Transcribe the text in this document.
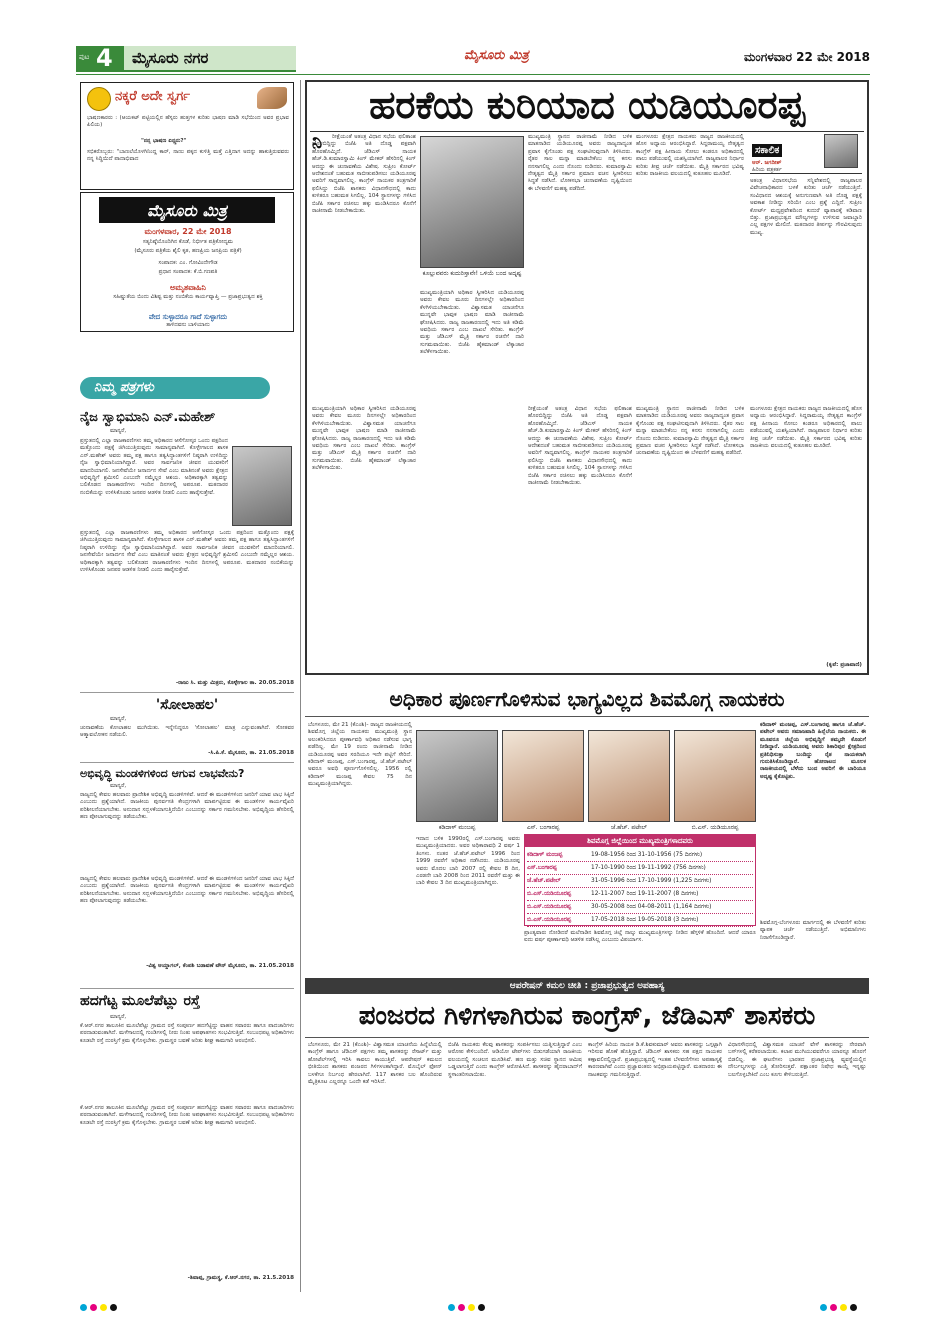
ಪುಟ 4 ಮೈಸೂರು ನಗರ	ಮೈಸೂರು ಮಿತ್ರ	ಮಂಗಳವಾರ 22 ಮೇ 2018
ನಕ್ಕರೆ ಅದೇ ಸ್ವರ್ಗ
ಭಾಷಣಕಾರರು : (ಆಯಕಟ್ ಪಟ್ಟಿಯಲ್ಲಿನ ಹೆಸ್ಸರು ಹುತ್ತಗಳ ಕುರಿತು ಭಾಷಣ ಮಾಡಿ ಸಭೆಯಿಂದ ಅವರ ಪ್ರಭಾವ ಪಿಲಿಯ)
"ನನ್ನ ಭಾಷಣ ಏನ್ಸ್ಸರು?"
ಸಭಿಕರೊಬ್ಬರು: "ಬಾಣಲೆಯೊಳಗಿನಿಂದ್ದ ಕಾರ್, ನಾಣು ಪಕ್ಕದ ಕುಳಿತ್ತಿ ಮತ್ತೆ ಎತ್ತಿದಾಗ ಅದನ್ನು ಹಾಕುತ್ತಿರುವವರು ನನ್ನ ಸಿದ್ಧಿಯಿದೆ ಪಾದಾಭಿವಾದ
ಮೈಸೂರು ಮಿತ್ರ
ಮಂಗಳವಾರ, 22 ಮೇ 2018
ಸತ್ಯನಿಷ್ಠೆಯೊಂದಿಗಿನ ಕೊಡೆ, ನಿರ್ಭೀತ ಪತ್ರಿಕೋದ್ಯಮ
(ಮೈಸೂರು ಪತ್ರಿಕೆಯ ಶೈಲಿ ಕೃತ, ಹಣಪ್ರಿಯ ಜನಪ್ರಿಯ ಪತ್ರಿಕೆ)
ಸಂಪಾದಕ: ಎಂ. ಗೋವಿಂದೇಗೌಡ
ಪ್ರಧಾನ ಸಂಪಾದಕ: ಕೆ.ಬಿ.ಗಣಪತಿ
ಅಮೃತವಾಹಿನಿ
ಸಹಿಷ್ಣುತೆಯ ಬಿಂದು ವಿಶಿಷ್ಟ ಮತ್ತು ನಂಬಿಕೆಯ ಕಾರ್ಯವ್ಯಾಪ್ತಿ — ಪ್ರಜಾಪ್ರಭುತ್ವದ ಶಕ್ತಿ
ವೇದ ಸುಳ್ಳಾದರೂ ಗಾದೆ ಸುಳ್ಳಾಗದು
ತಾಳಿದವನು ಬಾಳಿಯಾನು
ನಿಮ್ಮ ಪತ್ರಗಳು
ನೈಜ ಸ್ವಾಭಿಮಾನಿ ಎನ್.ಮಹೇಶ್
ಮಾನ್ಯರೆ,
ಪ್ರಸ್ತುತದಲ್ಲಿ ಎಲ್ಲಾ ರಾಜಕಾರಣಿಗಳು ತಮ್ಮ ಅಧಿಕಾರದ ಆಸೆಗೋಸ್ಕರ ಒಂದು ಪಕ್ಷದಿಂದ ಮತ್ತೊಂದು ಪಕ್ಷಕ್ಕೆ ಜಿಗಿಯುತ್ತಿರುವುದು ಸಾಮಾನ್ಯವಾಗಿದೆ. ಕೊಳ್ಳೇಗಾಲದ ಶಾಸಕ ಎನ್.ಮಹೇಶ್ ಅವರು ತಮ್ಮ ಪಕ್ಷ ಹಾಗೂ ತತ್ವಸಿದ್ಧಾಂತಗಳಿಗೆ ನಿಷ್ಠರಾಗಿ ಉಳಿದಿದ್ದು ನೈಜ ಸ್ವಾಭಿಮಾನಿಯಾಗಿದ್ದಾರೆ. ಅವರ ಸಾರ್ವಜನಿಕ ಜೀವನ ಯುವಕರಿಗೆ ಮಾದರಿಯಾಗಲಿ. ಜನಸೇವೆಯೇ ಜನಾರ್ದನ ಸೇವೆ ಎಂಬ ಮಾತಿನಂತೆ ಅವರು ಕ್ಷೇತ್ರದ ಅಭಿವೃದ್ಧಿಗೆ ಶ್ರಮಿಸಲಿ ಎಂಬುದೇ ನಮ್ಮೆಲ್ಲರ ಆಶಯ. ಅಧಿಕಾರಕ್ಕಾಗಿ ತತ್ವವನ್ನು ಬಲಿಕೊಡದ ರಾಜಕಾರಣಿಗಳು ಇಂದಿನ ದಿನಗಳಲ್ಲಿ ಅಪರೂಪ. ಮತದಾರರ ನಂಬಿಕೆಯನ್ನು ಉಳಿಸಿಕೊಂಡು ಜನಪರ ಆಡಳಿತ ನೀಡಲಿ ಎಂದು ಹಾರೈಸುತ್ತೇವೆ.
ಪ್ರಸ್ತುತದಲ್ಲಿ ಎಲ್ಲಾ ರಾಜಕಾರಣಿಗಳು ತಮ್ಮ ಅಧಿಕಾರದ ಆಸೆಗೋಸ್ಕರ ಒಂದು ಪಕ್ಷದಿಂದ ಮತ್ತೊಂದು ಪಕ್ಷಕ್ಕೆ ಜಿಗಿಯುತ್ತಿರುವುದು ಸಾಮಾನ್ಯವಾಗಿದೆ. ಕೊಳ್ಳೇಗಾಲದ ಶಾಸಕ ಎನ್.ಮಹೇಶ್ ಅವರು ತಮ್ಮ ಪಕ್ಷ ಹಾಗೂ ತತ್ವಸಿದ್ಧಾಂತಗಳಿಗೆ ನಿಷ್ಠರಾಗಿ ಉಳಿದಿದ್ದು ನೈಜ ಸ್ವಾಭಿಮಾನಿಯಾಗಿದ್ದಾರೆ. ಅವರ ಸಾರ್ವಜನಿಕ ಜೀವನ ಯುವಕರಿಗೆ ಮಾದರಿಯಾಗಲಿ. ಜನಸೇವೆಯೇ ಜನಾರ್ದನ ಸೇವೆ ಎಂಬ ಮಾತಿನಂತೆ ಅವರು ಕ್ಷೇತ್ರದ ಅಭಿವೃದ್ಧಿಗೆ ಶ್ರಮಿಸಲಿ ಎಂಬುದೇ ನಮ್ಮೆಲ್ಲರ ಆಶಯ. ಅಧಿಕಾರಕ್ಕಾಗಿ ತತ್ವವನ್ನು ಬಲಿಕೊಡದ ರಾಜಕಾರಣಿಗಳು ಇಂದಿನ ದಿನಗಳಲ್ಲಿ ಅಪರೂಪ. ಮತದಾರರ ನಂಬಿಕೆಯನ್ನು ಉಳಿಸಿಕೊಂಡು ಜನಪರ ಆಡಳಿತ ನೀಡಲಿ ಎಂದು ಹಾರೈಸುತ್ತೇವೆ.
-ರಾಜು ಸಿ. ಮತ್ತು ಮಿತ್ರರು, ಕೊಳ್ಳೇಗಾಲ ತಾ. 20.05.2018
'ಸೋಲಾಹಲ'
ಮಾನ್ಯರೆ,
ಚುನಾವಣೆಯ ಕೋಲಾಹಲ ಮುಗಿಯಿತು. ಇನ್ನೇನಿದ್ದರೂ 'ಸೋಲಾಹಲ' ಮಾತ್ರ ಎನ್ನುವಂತಾಗಿದೆ. ಸೋತವರ ಆತ್ಮಾವಲೋಕನ ನಡೆಯಲಿ.
-ಸಿ.ಪಿ.ಕೆ. ಮೈಸೂರು, ತಾ. 21.05.2018
ಅಭಿವೃದ್ಧಿ ಮಂಡಳಿಗಳಿಂದ ಆಗುವ ಲಾಭವೇನು?
ಮಾನ್ಯರೆ,
ರಾಜ್ಯದಲ್ಲಿ ಕೇವಲ ಹಲವಾರು ಪ್ರಾದೇಶಿಕ ಅಭಿವೃದ್ಧಿ ಮಂಡಳಿಗಳಿವೆ. ಆದರೆ ಈ ಮಂಡಳಿಗಳಿಂದ ಜನರಿಗೆ ಯಾವ ಲಾಭ ಸಿಕ್ಕಿದೆ ಎಂಬುದು ಪ್ರಶ್ನೆಯಾಗಿದೆ. ರಾಜಕೀಯ ಪುನರ್ವಸತಿ ಕೇಂದ್ರಗಳಾಗಿ ಮಾರ್ಪಟ್ಟಿರುವ ಈ ಮಂಡಳಿಗಳ ಕಾರ್ಯವೈಖರಿ ಪರಿಶೀಲನೆಯಾಗಬೇಕು. ಅನುದಾನ ಸದ್ಬಳಕೆಯಾಗುತ್ತಿದೆಯೇ ಎಂಬುದನ್ನು ಸರ್ಕಾರ ಗಮನಿಸಬೇಕು. ಅಭಿವೃದ್ಧಿಯ ಹೆಸರಿನಲ್ಲಿ ಹಣ ಪೋಲಾಗುವುದನ್ನು ತಡೆಯಬೇಕು.
ರಾಜ್ಯದಲ್ಲಿ ಕೇವಲ ಹಲವಾರು ಪ್ರಾದೇಶಿಕ ಅಭಿವೃದ್ಧಿ ಮಂಡಳಿಗಳಿವೆ. ಆದರೆ ಈ ಮಂಡಳಿಗಳಿಂದ ಜನರಿಗೆ ಯಾವ ಲಾಭ ಸಿಕ್ಕಿದೆ ಎಂಬುದು ಪ್ರಶ್ನೆಯಾಗಿದೆ. ರಾಜಕೀಯ ಪುನರ್ವಸತಿ ಕೇಂದ್ರಗಳಾಗಿ ಮಾರ್ಪಟ್ಟಿರುವ ಈ ಮಂಡಳಿಗಳ ಕಾರ್ಯವೈಖರಿ ಪರಿಶೀಲನೆಯಾಗಬೇಕು. ಅನುದಾನ ಸದ್ಬಳಕೆಯಾಗುತ್ತಿದೆಯೇ ಎಂಬುದನ್ನು ಸರ್ಕಾರ ಗಮನಿಸಬೇಕು. ಅಭಿವೃದ್ಧಿಯ ಹೆಸರಿನಲ್ಲಿ ಹಣ ಪೋಲಾಗುವುದನ್ನು ತಡೆಯಬೇಕು.
-ವಿಶ್ವ ಆಯ್ದಾಗಲ್, ಕೆಂಪಶಿ ಬಡಾವಣೆ ಟೌನ್ ಮೈಸೂರು, ತಾ. 21.05.2018
ಹದಗೆಟ್ಟ ಮೂಲೆಪೆಟ್ಲು ರಸ್ತೆ
ಮಾನ್ಯರೆ,
ಕೆ.ಆರ್.ನಗರ ತಾಲೂಕಿನ ಮೂಲೆಪೆಟ್ಲು ಗ್ರಾಮದ ರಸ್ತೆ ಸಂಪೂರ್ಣ ಹದಗೆಟ್ಟಿದ್ದು ವಾಹನ ಸವಾರರು ಹಾಗೂ ಪಾದಚಾರಿಗಳು ಪರದಾಡುವಂತಾಗಿದೆ. ಮಳೆಗಾಲದಲ್ಲಿ ಗುಂಡಿಗಳಲ್ಲಿ ನೀರು ನಿಂತು ಅಪಘಾತಗಳು ಸಂಭವಿಸುತ್ತಿವೆ. ಸಂಬಂಧಪಟ್ಟ ಅಧಿಕಾರಿಗಳು ಕೂಡಲೇ ರಸ್ತೆ ದುರಸ್ತಿಗೆ ಕ್ರಮ ಕೈಗೊಳ್ಳಬೇಕು. ಗ್ರಾಮಸ್ಥರ ಬವಣೆ ಅರಿತು ಶೀಘ್ರ ಕಾಮಗಾರಿ ಆರಂಭಿಸಲಿ.
ಕೆ.ಆರ್.ನಗರ ತಾಲೂಕಿನ ಮೂಲೆಪೆಟ್ಲು ಗ್ರಾಮದ ರಸ್ತೆ ಸಂಪೂರ್ಣ ಹದಗೆಟ್ಟಿದ್ದು ವಾಹನ ಸವಾರರು ಹಾಗೂ ಪಾದಚಾರಿಗಳು ಪರದಾಡುವಂತಾಗಿದೆ. ಮಳೆಗಾಲದಲ್ಲಿ ಗುಂಡಿಗಳಲ್ಲಿ ನೀರು ನಿಂತು ಅಪಘಾತಗಳು ಸಂಭವಿಸುತ್ತಿವೆ. ಸಂಬಂಧಪಟ್ಟ ಅಧಿಕಾರಿಗಳು ಕೂಡಲೇ ರಸ್ತೆ ದುರಸ್ತಿಗೆ ಕ್ರಮ ಕೈಗೊಳ್ಳಬೇಕು. ಗ್ರಾಮಸ್ಥರ ಬವಣೆ ಅರಿತು ಶೀಘ್ರ ಕಾಮಗಾರಿ ಆರಂಭಿಸಲಿ.
-ಶಿವಾಪ್ಪ, ಗ್ರಾಮಸ್ಥ, ಕೆ.ಆರ್.ನಗರ, ತಾ. 21.5.2018
ಹರಕೆಯ ಕುರಿಯಾದ ಯಡಿಯೂರಪ್ಪ
ನಿ	ರೀಕ್ಷೆಯಂತೆ ಅತಂತ್ರ ವಿಧಾನ ಸಭೆಯ ಫಲಿತಾಂಶ ಹೊರಬಿದ್ದಿದ್ದು ಬಿಜೆಪಿ ಅತಿ ದೊಡ್ಡ ಪಕ್ಷವಾಗಿ ಹೊರಹೊಮ್ಮಿದೆ. ಜೆಡಿಎಸ್ ನಾಯಕ ಹೆಚ್.ಡಿ.ಕುಮಾರಸ್ವಾಮಿ ಕಿಂಗ್ ಮೇಕರ್ ಹೆಸರಿನಲ್ಲಿ ಕಿಂಗ್ ಆದದ್ದು ಈ ಚುನಾವಣೆಯ ವಿಶೇಷ. ಸುಪ್ರೀಂ ಕೋರ್ಟ್ ಆದೇಶದಂತೆ ಬಹುಮತ ಸಾಬೀತುಪಡಿಸಲು ಯಡಿಯೂರಪ್ಪ ಅವರಿಗೆ ಸಾಧ್ಯವಾಗಲಿಲ್ಲ. ಕಾಂಗ್ರೆಸ್ ನಾಯಕರ ತಂತ್ರಗಾರಿಕೆ ಫಲಿಸಿದ್ದು ಬಿಜೆಪಿ ಶಾಸಕರು ವಿಧಾನಸೌಧದಲ್ಲಿ ಕಾದು ಕುಳಿತರೂ ಬಹುಮತ ಸಿಗಲಿಲ್ಲ. 104 ಸ್ಥಾನಗಳನ್ನು ಗಳಿಸಿದ ಬಿಜೆಪಿ ಸರ್ಕಾರ ರಚಿಸಲು ಹಕ್ಕು ಮಂಡಿಸಿದರೂ ಕೊನೆಗೆ ರಾಜೀನಾಮೆ ನೀಡಬೇಕಾಯಿತು.
ಮುಖ್ಯಮಂತ್ರಿಯಾಗಿ ಅಧಿಕಾರ ಸ್ವೀಕರಿಸಿದ ಯಡಿಯೂರಪ್ಪ ಅವರು ಕೇವಲ ಮೂರು ದಿನಗಳಲ್ಲೇ ಅಧಿಕಾರದಿಂದ ಕೆಳಗಿಳಿಯಬೇಕಾಯಿತು. ವಿಶ್ವಾಸಮತ ಯಾಚನೆಗೂ ಮುನ್ನವೇ ಭಾವುಕ ಭಾಷಣ ಮಾಡಿ ರಾಜೀನಾಮೆ ಘೋಷಿಸಿದರು. ರಾಜ್ಯ ರಾಜಕಾರಣದಲ್ಲಿ ಇದು ಅತಿ ಕಡಿಮೆ ಅವಧಿಯ ಸರ್ಕಾರ ಎಂಬ ದಾಖಲೆ ಸೇರಿತು. ಕಾಂಗ್ರೆಸ್ ಮತ್ತು ಜೆಡಿಎಸ್ ಮೈತ್ರಿ ಸರ್ಕಾರ ರಚನೆಗೆ ದಾರಿ ಸುಗಮವಾಯಿತು. ಬಿಜೆಪಿ ಹೈಕಮಾಂಡ್ ಲೆಕ್ಕಾಚಾರ ತಲೆಕೆಳಗಾಯಿತು.
ಕೂಲ್ಲುವವರು ಕುದುರಿಸ್ತಾವೇ! ಒಳಿಯೆ ಬಂದ ಅದೃಷ್ಟ
ಮುಖ್ಯಮಂತ್ರಿಯಾಗಿ ಅಧಿಕಾರ ಸ್ವೀಕರಿಸಿದ ಯಡಿಯೂರಪ್ಪ ಅವರು ಕೇವಲ ಮೂರು ದಿನಗಳಲ್ಲೇ ಅಧಿಕಾರದಿಂದ ಕೆಳಗಿಳಿಯಬೇಕಾಯಿತು. ವಿಶ್ವಾಸಮತ ಯಾಚನೆಗೂ ಮುನ್ನವೇ ಭಾವುಕ ಭಾಷಣ ಮಾಡಿ ರಾಜೀನಾಮೆ ಘೋಷಿಸಿದರು. ರಾಜ್ಯ ರಾಜಕಾರಣದಲ್ಲಿ ಇದು ಅತಿ ಕಡಿಮೆ ಅವಧಿಯ ಸರ್ಕಾರ ಎಂಬ ದಾಖಲೆ ಸೇರಿತು. ಕಾಂಗ್ರೆಸ್ ಮತ್ತು ಜೆಡಿಎಸ್ ಮೈತ್ರಿ ಸರ್ಕಾರ ರಚನೆಗೆ ದಾರಿ ಸುಗಮವಾಯಿತು. ಬಿಜೆಪಿ ಹೈಕಮಾಂಡ್ ಲೆಕ್ಕಾಚಾರ ತಲೆಕೆಳಗಾಯಿತು.
ಮುಖ್ಯಮಂತ್ರಿ ಸ್ಥಾನದ ರಾಜೀನಾಮೆ ನೀಡಿದ ಬಳಿಕ ಮಾತನಾಡಿದ ಯಡಿಯೂರಪ್ಪ ಅವರು ರಾಜ್ಯದಾದ್ಯಂತ ಪ್ರವಾಸ ಕೈಗೊಂಡು ಪಕ್ಷ ಸಂಘಟಿಸುವುದಾಗಿ ತಿಳಿಸಿದರು. ರೈತರ ಸಾಲ ಮನ್ನಾ ಮಾಡಬೇಕೆಂಬ ನನ್ನ ಕನಸು ನನಸಾಗಲಿಲ್ಲ ಎಂದು ನೊಂದು ನುಡಿದರು. ಕುಮಾರಸ್ವಾಮಿ ನೇತೃತ್ವದ ಮೈತ್ರಿ ಸರ್ಕಾರ ಪ್ರಮಾಣ ವಚನ ಸ್ವೀಕರಿಸಲು ಸಿದ್ಧತೆ ನಡೆಸಿದೆ. ಲೋಕಸಭಾ ಚುನಾವಣೆಯ ದೃಷ್ಟಿಯಿಂದ ಈ ಬೆಳವಣಿಗೆ ಮಹತ್ವ ಪಡೆದಿದೆ.
ರೀಕ್ಷೆಯಂತೆ ಅತಂತ್ರ ವಿಧಾನ ಸಭೆಯ ಫಲಿತಾಂಶ ಹೊರಬಿದ್ದಿದ್ದು ಬಿಜೆಪಿ ಅತಿ ದೊಡ್ಡ ಪಕ್ಷವಾಗಿ ಹೊರಹೊಮ್ಮಿದೆ. ಜೆಡಿಎಸ್ ನಾಯಕ ಹೆಚ್.ಡಿ.ಕುಮಾರಸ್ವಾಮಿ ಕಿಂಗ್ ಮೇಕರ್ ಹೆಸರಿನಲ್ಲಿ ಕಿಂಗ್ ಆದದ್ದು ಈ ಚುನಾವಣೆಯ ವಿಶೇಷ. ಸುಪ್ರೀಂ ಕೋರ್ಟ್ ಆದೇಶದಂತೆ ಬಹುಮತ ಸಾಬೀತುಪಡಿಸಲು ಯಡಿಯೂರಪ್ಪ ಅವರಿಗೆ ಸಾಧ್ಯವಾಗಲಿಲ್ಲ. ಕಾಂಗ್ರೆಸ್ ನಾಯಕರ ತಂತ್ರಗಾರಿಕೆ ಫಲಿಸಿದ್ದು ಬಿಜೆಪಿ ಶಾಸಕರು ವಿಧಾನಸೌಧದಲ್ಲಿ ಕಾದು ಕುಳಿತರೂ ಬಹುಮತ ಸಿಗಲಿಲ್ಲ. 104 ಸ್ಥಾನಗಳನ್ನು ಗಳಿಸಿದ ಬಿಜೆಪಿ ಸರ್ಕಾರ ರಚಿಸಲು ಹಕ್ಕು ಮಂಡಿಸಿದರೂ ಕೊನೆಗೆ ರಾಜೀನಾಮೆ ನೀಡಬೇಕಾಯಿತು.
ಮಂಗಳೂರು ಕ್ಷೇತ್ರದ ನಾಯಕರು ರಾಜ್ಯದ ರಾಜಕೀಯದಲ್ಲಿ ಹೊಸ ಅಧ್ಯಾಯ ಆರಂಭಿಸಿದ್ದಾರೆ. ಸಿದ್ದರಾಮಯ್ಯ ನೇತೃತ್ವದ ಕಾಂಗ್ರೆಸ್ ಪಕ್ಷ ಹೀನಾಯ ಸೋಲು ಕಂಡರೂ ಅಧಿಕಾರದಲ್ಲಿ ಪಾಲು ಪಡೆಯುವಲ್ಲಿ ಯಶಸ್ವಿಯಾಗಿದೆ. ರಾಜ್ಯಪಾಲರ ನಿರ್ಧಾರ ಕುರಿತು ತೀವ್ರ ಚರ್ಚೆ ನಡೆಯಿತು. ಮೈತ್ರಿ ಸರ್ಕಾರದ ಭವಿಷ್ಯ ಕುರಿತು ರಾಜಕೀಯ ವಲಯದಲ್ಲಿ ಕುತೂಹಲ ಮೂಡಿದೆ.
ಮುಖ್ಯಮಂತ್ರಿ ಸ್ಥಾನದ ರಾಜೀನಾಮೆ ನೀಡಿದ ಬಳಿಕ ಮಾತನಾಡಿದ ಯಡಿಯೂರಪ್ಪ ಅವರು ರಾಜ್ಯದಾದ್ಯಂತ ಪ್ರವಾಸ ಕೈಗೊಂಡು ಪಕ್ಷ ಸಂಘಟಿಸುವುದಾಗಿ ತಿಳಿಸಿದರು. ರೈತರ ಸಾಲ ಮನ್ನಾ ಮಾಡಬೇಕೆಂಬ ನನ್ನ ಕನಸು ನನಸಾಗಲಿಲ್ಲ ಎಂದು ನೊಂದು ನುಡಿದರು. ಕುಮಾರಸ್ವಾಮಿ ನೇತೃತ್ವದ ಮೈತ್ರಿ ಸರ್ಕಾರ ಪ್ರಮಾಣ ವಚನ ಸ್ವೀಕರಿಸಲು ಸಿದ್ಧತೆ ನಡೆಸಿದೆ. ಲೋಕಸಭಾ ಚುನಾವಣೆಯ ದೃಷ್ಟಿಯಿಂದ ಈ ಬೆಳವಣಿಗೆ ಮಹತ್ವ ಪಡೆದಿದೆ.
ಸಕಾಲಿಕ
ಆರ್. ಜಗದೀಶ್
ಹಿರಿಯ ಪತ್ರಕರ್ತ
ಅತಂತ್ರ ವಿಧಾನಸಭೆಯ ಸನ್ನಿವೇಶದಲ್ಲಿ ರಾಜ್ಯಪಾಲರ ವಿವೇಚನಾಧಿಕಾರದ ಬಳಕೆ ಕುರಿತು ಚರ್ಚೆ ನಡೆಯುತ್ತಿದೆ. ಸಂವಿಧಾನದ ಆಶಯಕ್ಕೆ ಅನುಗುಣವಾಗಿ ಅತಿ ದೊಡ್ಡ ಪಕ್ಷಕ್ಕೆ ಅವಕಾಶ ನೀಡಿದ್ದು ಸರಿಯೇ ಎಂಬ ಪ್ರಶ್ನೆ ಎದ್ದಿದೆ. ಸುಪ್ರೀಂ ಕೋರ್ಟ್ ಮಧ್ಯಪ್ರವೇಶದಿಂದ ಕುದುರೆ ವ್ಯಾಪಾರಕ್ಕೆ ಕಡಿವಾಣ ಬಿತ್ತು. ಪ್ರಜಾಪ್ರಭುತ್ವದ ಮೌಲ್ಯಗಳನ್ನು ಉಳಿಸುವ ಜವಾಬ್ದಾರಿ ಎಲ್ಲ ಪಕ್ಷಗಳ ಮೇಲಿದೆ. ಮತದಾರರ ತೀರ್ಪನ್ನು ಗೌರವಿಸುವುದು ಮುಖ್ಯ.
ಮಂಗಳೂರು ಕ್ಷೇತ್ರದ ನಾಯಕರು ರಾಜ್ಯದ ರಾಜಕೀಯದಲ್ಲಿ ಹೊಸ ಅಧ್ಯಾಯ ಆರಂಭಿಸಿದ್ದಾರೆ. ಸಿದ್ದರಾಮಯ್ಯ ನೇತೃತ್ವದ ಕಾಂಗ್ರೆಸ್ ಪಕ್ಷ ಹೀನಾಯ ಸೋಲು ಕಂಡರೂ ಅಧಿಕಾರದಲ್ಲಿ ಪಾಲು ಪಡೆಯುವಲ್ಲಿ ಯಶಸ್ವಿಯಾಗಿದೆ. ರಾಜ್ಯಪಾಲರ ನಿರ್ಧಾರ ಕುರಿತು ತೀವ್ರ ಚರ್ಚೆ ನಡೆಯಿತು. ಮೈತ್ರಿ ಸರ್ಕಾರದ ಭವಿಷ್ಯ ಕುರಿತು ರಾಜಕೀಯ ವಲಯದಲ್ಲಿ ಕುತೂಹಲ ಮೂಡಿದೆ.
(ಕೃಪೆ: ಪ್ರಜಾವಾಣಿ)
ಅಧಿಕಾರ ಪೂರ್ಣಗೊಳಿಸುವ ಭಾಗ್ಯವಿಲ್ಲದ ಶಿವಮೊಗ್ಗ ನಾಯಕರು
ಬೆಂಗಳೂರು, ಮೇ 21 (ಕೆಎಂಶಿ)- ರಾಜ್ಯದ ರಾಜಕೀಯದಲ್ಲಿ ಶಿವಮೊಗ್ಗ ಜಿಲ್ಲೆಯ ನಾಯಕರು ಮುಖ್ಯಮಂತ್ರಿ ಸ್ಥಾನ ಅಲಂಕರಿಸಿದರೂ ಪೂರ್ಣಾವಧಿ ಅಧಿಕಾರ ನಡೆಸುವ ಭಾಗ್ಯ ಪಡೆದಿಲ್ಲ. ಮೇ 19 ರಂದು ರಾಜೀನಾಮೆ ನೀಡಿದ ಯಡಿಯೂರಪ್ಪ ಅವರ ಸರದಿಯೂ ಇದೇ ಪಟ್ಟಿಗೆ ಸೇರಿದೆ. ಕಡಿದಾಳ್ ಮಂಜಪ್ಪ, ಎಸ್.ಬಂಗಾರಪ್ಪ, ಜೆ.ಹೆಚ್.ಪಟೇಲ್ ಅವರೂ ಅವಧಿ ಪೂರ್ಣಗೊಳಿಸಲಿಲ್ಲ. 1956 ರಲ್ಲಿ ಕಡಿದಾಳ್ ಮಂಜಪ್ಪ ಕೇವಲ 75 ದಿನ ಮುಖ್ಯಮಂತ್ರಿಯಾಗಿದ್ದರು.
ಕಡಿದಾಳ್ ಮಂಜಪ್ಪ	ಎಸ್. ಬಂಗಾರಪ್ಪ	ಜೆ.ಹೆಚ್. ಪಟೇಲ್	ಬಿ.ಎಸ್. ಯಡಿಯೂರಪ್ಪ
ಇದಾದ ಬಳಿಕ 1990ರಲ್ಲಿ ಎಸ್.ಬಂಗಾರಪ್ಪ ಅವರು ಮುಖ್ಯಮಂತ್ರಿಯಾದರು. ಅವರ ಅಧಿಕಾರಾವಧಿ 2 ವರ್ಷ 1 ತಿಂಗಳು. ನಂತರ ಜೆ.ಹೆಚ್.ಪಟೇಲ್ 1996 ರಿಂದ 1999 ರವರೆಗೆ ಅಧಿಕಾರ ನಡೆಸಿದರು. ಯಡಿಯೂರಪ್ಪ ಅವರು ಮೊದಲ ಬಾರಿ 2007 ರಲ್ಲಿ ಕೇವಲ 8 ದಿನ, ಎರಡನೇ ಬಾರಿ 2008 ರಿಂದ 2011 ರವರೆಗೆ ಮತ್ತು ಈ ಬಾರಿ ಕೇವಲ 3 ದಿನ ಮುಖ್ಯಮಂತ್ರಿಯಾಗಿದ್ದರು.
ಶಿವಮೊಗ್ಗ ಜಿಲ್ಲೆಯಿಂದ ಮುಖ್ಯಮಂತ್ರಿಗಳಾದವರು
ಕಡಿದಾಳ್ ಮಂಜಪ್ಪ	19-08-1956 ರಿಂದ 31-10-1956 (75 ದಿನಗಳು)
ಎಸ್.ಬಂಗಾರಪ್ಪ	17-10-1990 ರಿಂದ 19-11-1992 (756 ದಿನಗಳು)
ಜೆ.ಹೆಚ್.ಪಟೇಲ್	31-05-1996 ರಿಂದ 17-10-1999 (1,225 ದಿನಗಳು)
ಬಿ.ಎಸ್.ಯಡಿಯೂರಪ್ಪ	12-11-2007 ರಿಂದ 19-11-2007 (8 ದಿನಗಳು)
ಬಿ.ಎಸ್.ಯಡಿಯೂರಪ್ಪ	30-05-2008 ರಿಂದ 04-08-2011 (1,164 ದಿನಗಳು)
ಬಿ.ಎಸ್.ಯಡಿಯೂರಪ್ಪ	17-05-2018 ರಿಂದ 19-05-2018 (3 ದಿನಗಳು)
ಪ್ರಾಂತ್ಯವಾರು ನೋಡಿದರೆ ಮಲೆನಾಡಿನ ಶಿವಮೊಗ್ಗ ಜಿಲ್ಲೆ ನಾಲ್ಕು ಮುಖ್ಯಮಂತ್ರಿಗಳನ್ನು ನೀಡಿದ ಹೆಗ್ಗಳಿಕೆ ಹೊಂದಿದೆ. ಆದರೆ ಯಾರೂ ಐದು ವರ್ಷ ಪೂರ್ಣಾವಧಿ ಆಡಳಿತ ನಡೆಸಿಲ್ಲ ಎಂಬುದು ವಿಪರ್ಯಾಸ.
ಕಡಿದಾಳ್ ಮಂಜಪ್ಪ, ಎಸ್.ಬಂಗಾರಪ್ಪ ಹಾಗೂ ಜೆ.ಹೆಚ್. ಪಟೇಲ್ ಅವರು ಸಮಾಜವಾದಿ ಹಿನ್ನೆಲೆಯ ನಾಯಕರು. ಈ ಮೂವರೂ ಜಿಲ್ಲೆಯ ಅಭಿವೃದ್ಧಿಗೆ ತಮ್ಮದೇ ಕೊಡುಗೆ ನೀಡಿದ್ದಾರೆ. ಯಡಿಯೂರಪ್ಪ ಅವರು ಶಿಕಾರಿಪುರ ಕ್ಷೇತ್ರದಿಂದ ಪ್ರತಿನಿಧಿಸುತ್ತಾ ಬಂದಿದ್ದು ರೈತ ನಾಯಕರಾಗಿ ಗುರುತಿಸಿಕೊಂಡಿದ್ದಾರೆ. ಹೋರಾಟದ ಮೂಲಕ ರಾಜಕೀಯದಲ್ಲಿ ಬೆಳೆದು ಬಂದ ಅವರಿಗೆ ಈ ಬಾರಿಯೂ ಅದೃಷ್ಟ ಕೈಕೊಟ್ಟಿತು.
ಶಿವಮೊಗ್ಗ-ಬೆಂಗಳೂರು ಮಾರ್ಗದಲ್ಲಿ ಈ ಬೆಳವಣಿಗೆ ಕುರಿತು ವ್ಯಾಪಕ ಚರ್ಚೆ ನಡೆಯುತ್ತಿದೆ. ಅಭಿಮಾನಿಗಳು ನಿರಾಸೆಗೊಂಡಿದ್ದಾರೆ.
ಆಪರೇಷನ್ ಕಮಲ ಚೀತಿ : ಪ್ರಜಾಪ್ರಭುತ್ವದ ಅಪಹಾಸ್ಯ
ಪಂಜರದ ಗಿಳಿಗಳಾಗಿರುವ ಕಾಂಗ್ರೆಸ್, ಜೆಡಿಎಸ್ ಶಾಸಕರು
ಬೆಂಗಳೂರು, ಮೇ 21 (ಕೆಎಂಶಿ)- ವಿಶ್ವಾಸಮತ ಯಾಚನೆಯ ಹಿನ್ನೆಲೆಯಲ್ಲಿ ಕಾಂಗ್ರೆಸ್ ಹಾಗೂ ಜೆಡಿಎಸ್ ಪಕ್ಷಗಳು ತಮ್ಮ ಶಾಸಕರನ್ನು ರೆಸಾರ್ಟ್ ಮತ್ತು ಹೋಟೆಲ್‌ಗಳಲ್ಲಿ ಇರಿಸಿ ಕಾವಲು ಕಾಯುತ್ತಿವೆ. ಆಪರೇಷನ್ ಕಮಲದ ಭೀತಿಯಿಂದ ಶಾಸಕರು ಪಂಜರದ ಗಿಳಿಗಳಂತಾಗಿದ್ದಾರೆ. ಮೊಬೈಲ್ ಫೋನ್ ಬಳಕೆಗೂ ನಿರ್ಬಂಧ ಹೇರಲಾಗಿದೆ. 117 ಶಾಸಕರ ಬಲ ಹೊಂದಿರುವ ಮೈತ್ರಿಕೂಟ ಎಲ್ಲರನ್ನೂ ಒಂದೇ ಕಡೆ ಇರಿಸಿದೆ.
ಬಿಜೆಪಿ ನಾಯಕರು ಕೆಲವು ಶಾಸಕರನ್ನು ಸಂಪರ್ಕಿಸಲು ಯತ್ನಿಸುತ್ತಿದ್ದಾರೆ ಎಂಬ ಆರೋಪ ಕೇಳಿಬಂದಿದೆ. ಆಡಿಯೋ ಟೇಪ್‌ಗಳು ಬಿಡುಗಡೆಯಾಗಿ ರಾಜಕೀಯ ವಲಯದಲ್ಲಿ ಸಂಚಲನ ಮೂಡಿಸಿವೆ. ಹಣ ಮತ್ತು ಸಚಿವ ಸ್ಥಾನದ ಆಮಿಷ ಒಡ್ಡಲಾಗುತ್ತಿದೆ ಎಂದು ಕಾಂಗ್ರೆಸ್ ಆರೋಪಿಸಿದೆ. ಶಾಸಕರನ್ನು ಹೈದರಾಬಾದ್‌ಗೆ ಸ್ಥಳಾಂತರಿಸಲಾಯಿತು.
ಕಾಂಗ್ರೆಸ್ ಹಿರಿಯ ನಾಯಕ ಡಿ.ಕೆ.ಶಿವಕುಮಾರ್ ಅವರು ಶಾಸಕರನ್ನು ಒಗ್ಗಟ್ಟಾಗಿ ಇರಿಸುವ ಹೊಣೆ ಹೊತ್ತಿದ್ದಾರೆ. ಜೆಡಿಎಸ್ ಶಾಸಕರು ಸಹ ಪಕ್ಷದ ನಾಯಕರ ಕಣ್ಗಾವಲಿನಲ್ಲಿದ್ದಾರೆ. ಪ್ರಜಾಪ್ರಭುತ್ವದಲ್ಲಿ ಇಂತಹ ಬೆಳವಣಿಗೆಗಳು ಅಪಹಾಸ್ಯಕ್ಕೆ ಕಾರಣವಾಗಿವೆ ಎಂದು ಪ್ರಜ್ಞಾವಂತರು ಅಭಿಪ್ರಾಯಪಟ್ಟಿದ್ದಾರೆ. ಮತದಾರರು ಈ ನಾಟಕವನ್ನು ಗಮನಿಸುತ್ತಿದ್ದಾರೆ.
ವಿಧಾನಸೌಧದಲ್ಲಿ ವಿಶ್ವಾಸಮತ ಯಾಚನೆ ವೇಳೆ ಶಾಸಕರನ್ನು ನೇರವಾಗಿ ಬಸ್‌ಗಳಲ್ಲಿ ಕರೆತರಲಾಯಿತು. ಕಲಾಪ ಮುಗಿಯುವವರೆಗೂ ಯಾರನ್ನೂ ಹೊರಗೆ ಬಿಡಲಿಲ್ಲ. ಈ ಘಟನೆಗಳು ಭಾರತದ ಪ್ರಜಾಪ್ರಭುತ್ವ ವ್ಯವಸ್ಥೆಯಲ್ಲಿನ ದೌರ್ಬಲ್ಯಗಳನ್ನು ಎತ್ತಿ ತೋರಿಸುತ್ತವೆ. ಪಕ್ಷಾಂತರ ನಿಷೇಧ ಕಾಯ್ದೆ ಇನ್ನಷ್ಟು ಬಲಗೊಳ್ಳಬೇಕಿದೆ ಎಂಬ ಕೂಗು ಕೇಳಿಬರುತ್ತಿದೆ.
